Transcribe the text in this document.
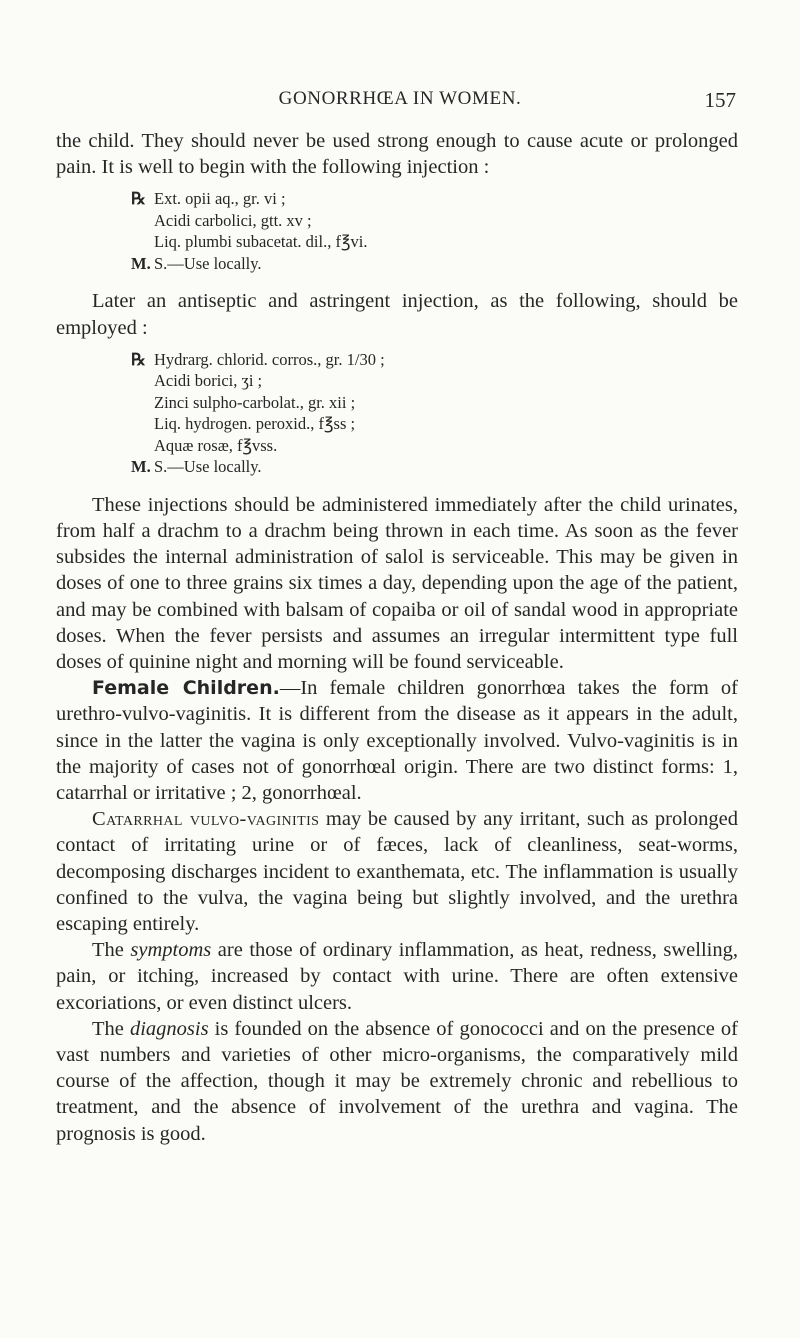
GONORRHŒA IN WOMEN.	157

the child. They should never be used strong enough to cause acute or prolonged pain. It is well to begin with the following injection :

℞ Ext. opii aq., gr. vi ;
Acidi carbolici, gtt. xv ;
Liq. plumbi subacetat. dil., f℥vi.
M. S.—Use locally.

Later an antiseptic and astringent injection, as the following, should be employed :

℞ Hydrarg. chlorid. corros., gr. 1/30 ;
Acidi borici, ʒi ;
Zinci sulpho-carbolat., gr. xii ;
Liq. hydrogen. peroxid., f℥ss ;
Aquæ rosæ, f℥vss.
M. S.—Use locally.

These injections should be administered immediately after the child urinates, from half a drachm to a drachm being thrown in each time. As soon as the fever subsides the internal administration of salol is serviceable. This may be given in doses of one to three grains six times a day, depending upon the age of the patient, and may be combined with balsam of copaiba or oil of sandal wood in appropriate doses. When the fever persists and assumes an irregular intermittent type full doses of quinine night and morning will be found serviceable.

Female Children.—In female children gonorrhœa takes the form of urethro-vulvo-vaginitis. It is different from the disease as it appears in the adult, since in the latter the vagina is only exceptionally involved. Vulvo-vaginitis is in the majority of cases not of gonorrhœal origin. There are two distinct forms: 1, catarrhal or irritative ; 2, gonorrhœal.

Catarrhal vulvo-vaginitis may be caused by any irritant, such as prolonged contact of irritating urine or of fæces, lack of cleanliness, seat-worms, decomposing discharges incident to exanthemata, etc. The inflammation is usually confined to the vulva, the vagina being but slightly involved, and the urethra escaping entirely.

The symptoms are those of ordinary inflammation, as heat, redness, swelling, pain, or itching, increased by contact with urine. There are often extensive excoriations, or even distinct ulcers.

The diagnosis is founded on the absence of gonococci and on the presence of vast numbers and varieties of other micro-organisms, the comparatively mild course of the affection, though it may be extremely chronic and rebellious to treatment, and the absence of involvement of the urethra and vagina. The prognosis is good.
